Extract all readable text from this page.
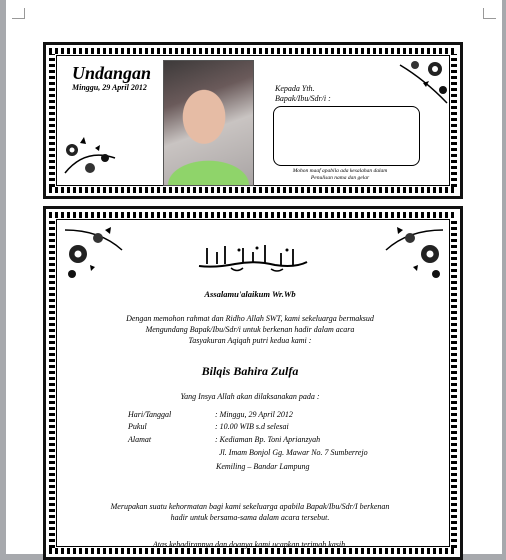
Undangan
Minggu, 29 April 2012	Kepada Yth.
Bapak/Ibu/Sdr/i :
Mohon maaf apabila ada kesalahan dalam
Penulisan nama dan gelar
Assalamu'alaikum Wr.Wb
Dengan memohon rahmat dan Ridho Allah SWT, kami sekeluarga bermaksud
Mengundang Bapak/Ibu/Sdr/i untuk berkenan hadir dalam acara
Tasyakuran Aqiqah putri kedua kami :
Bilqis Bahira Zulfa
Yang Insya Allah akan dilaksanakan pada :
Hari/Tanggal	: Minggu, 29 April 2012
Pukul	: 10.00 WIB s.d selesai
Alamat	: Kediaman Bp. Toni Aprianzyah
Jl. Imam Bonjol Gg. Mawar No. 7 Sumberrejo
Kemiling – Bandar Lampung
Merupakan suatu kehormatan bagi kami sekeluarga apabila Bapak/Ibu/Sdr/I berkenan
hadir untuk bersama-sama dalam acara tersebut.
Atas kehadirannya dan doanya kami ucapkan terimah kasih.
